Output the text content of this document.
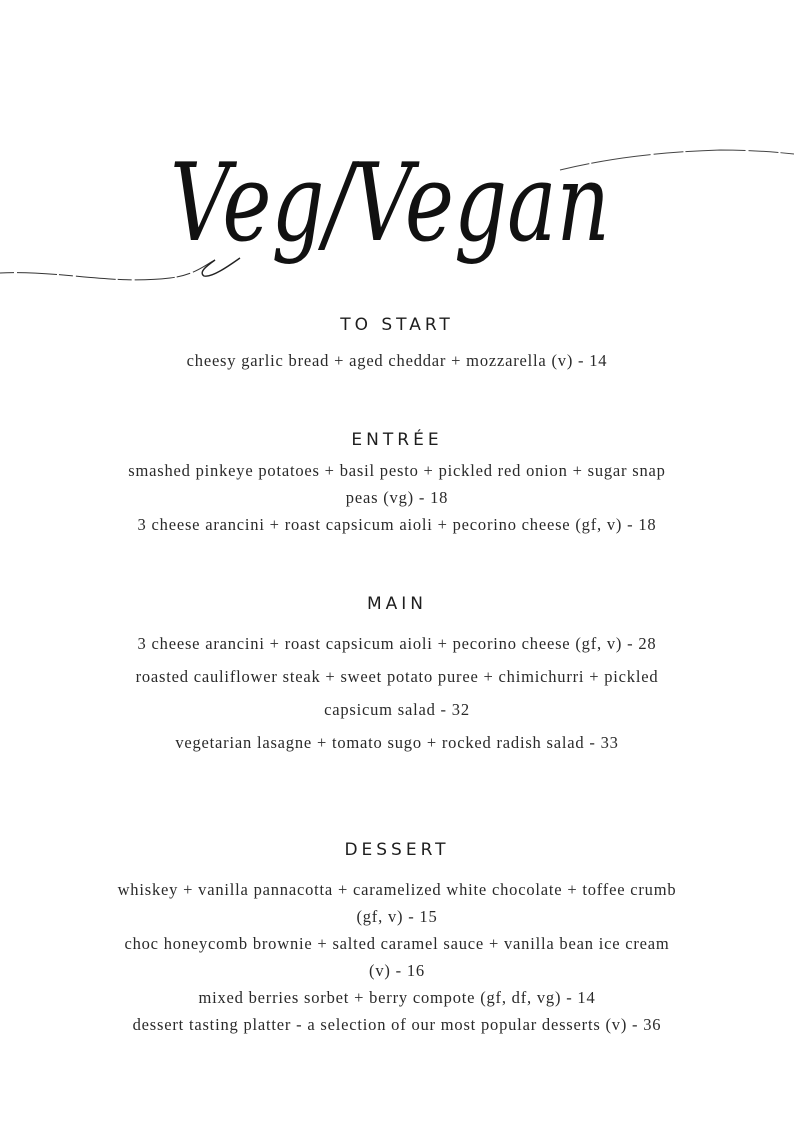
Veg/Vegan
TO START

cheesy garlic bread + aged cheddar + mozzarella (v) - 14

ENTRÉE

smashed pinkeye potatoes + basil pesto + pickled red onion + sugar snap peas (vg) - 18

3 cheese arancini + roast capsicum aioli + pecorino cheese (gf, v) - 18

MAIN

3 cheese arancini + roast capsicum aioli + pecorino cheese (gf, v) - 28

roasted cauliflower steak + sweet potato puree + chimichurri + pickled capsicum salad - 32

vegetarian lasagne + tomato sugo + rocked radish salad - 33

DESSERT

whiskey + vanilla pannacotta + caramelized white chocolate + toffee crumb (gf, v) - 15

choc honeycomb brownie + salted caramel sauce + vanilla bean ice cream (v) - 16

mixed berries sorbet + berry compote (gf, df, vg) - 14

dessert tasting platter - a selection of our most popular desserts (v) - 36
